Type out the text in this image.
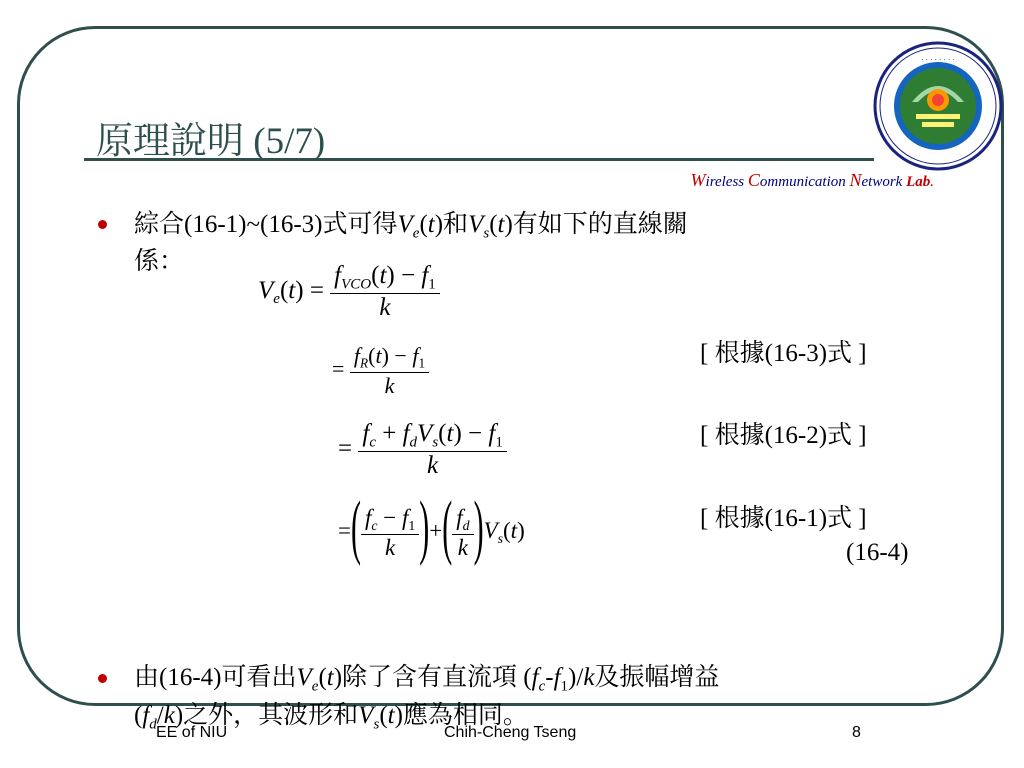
原理說明 (5/7)
· · · · · · · ·
Wireless Communication Network Lab.
綜合(16-1)~(16-3)式可得$V_e(t)$和$V_s(t)$有如下的直線關
係：
$V_e(t) = \frac{f_{VCO}(t) - f_1}{k}$
= $\frac{f_R(t) - f_1}{k}$	[ 根據(16-3)式 ]
= $\frac{f_c + f_dV_s(t) - f_1}{k}$	[ 根據(16-2)式 ]
=( $\frac{f_c - f_1}{k}$ )+( $\frac{f_d}{k} )V_s(t)$	[ 根據(16-1)式 ]
(16-4)
由(16-4)可看出$V_e(t)$除了含有直流項 $(f_c-f_1)/k$及振幅增益
$(f_d/k)$之外，其波形和$V_s(t)$應為相同。
EE of NIU	Chih-Cheng Tseng	8
